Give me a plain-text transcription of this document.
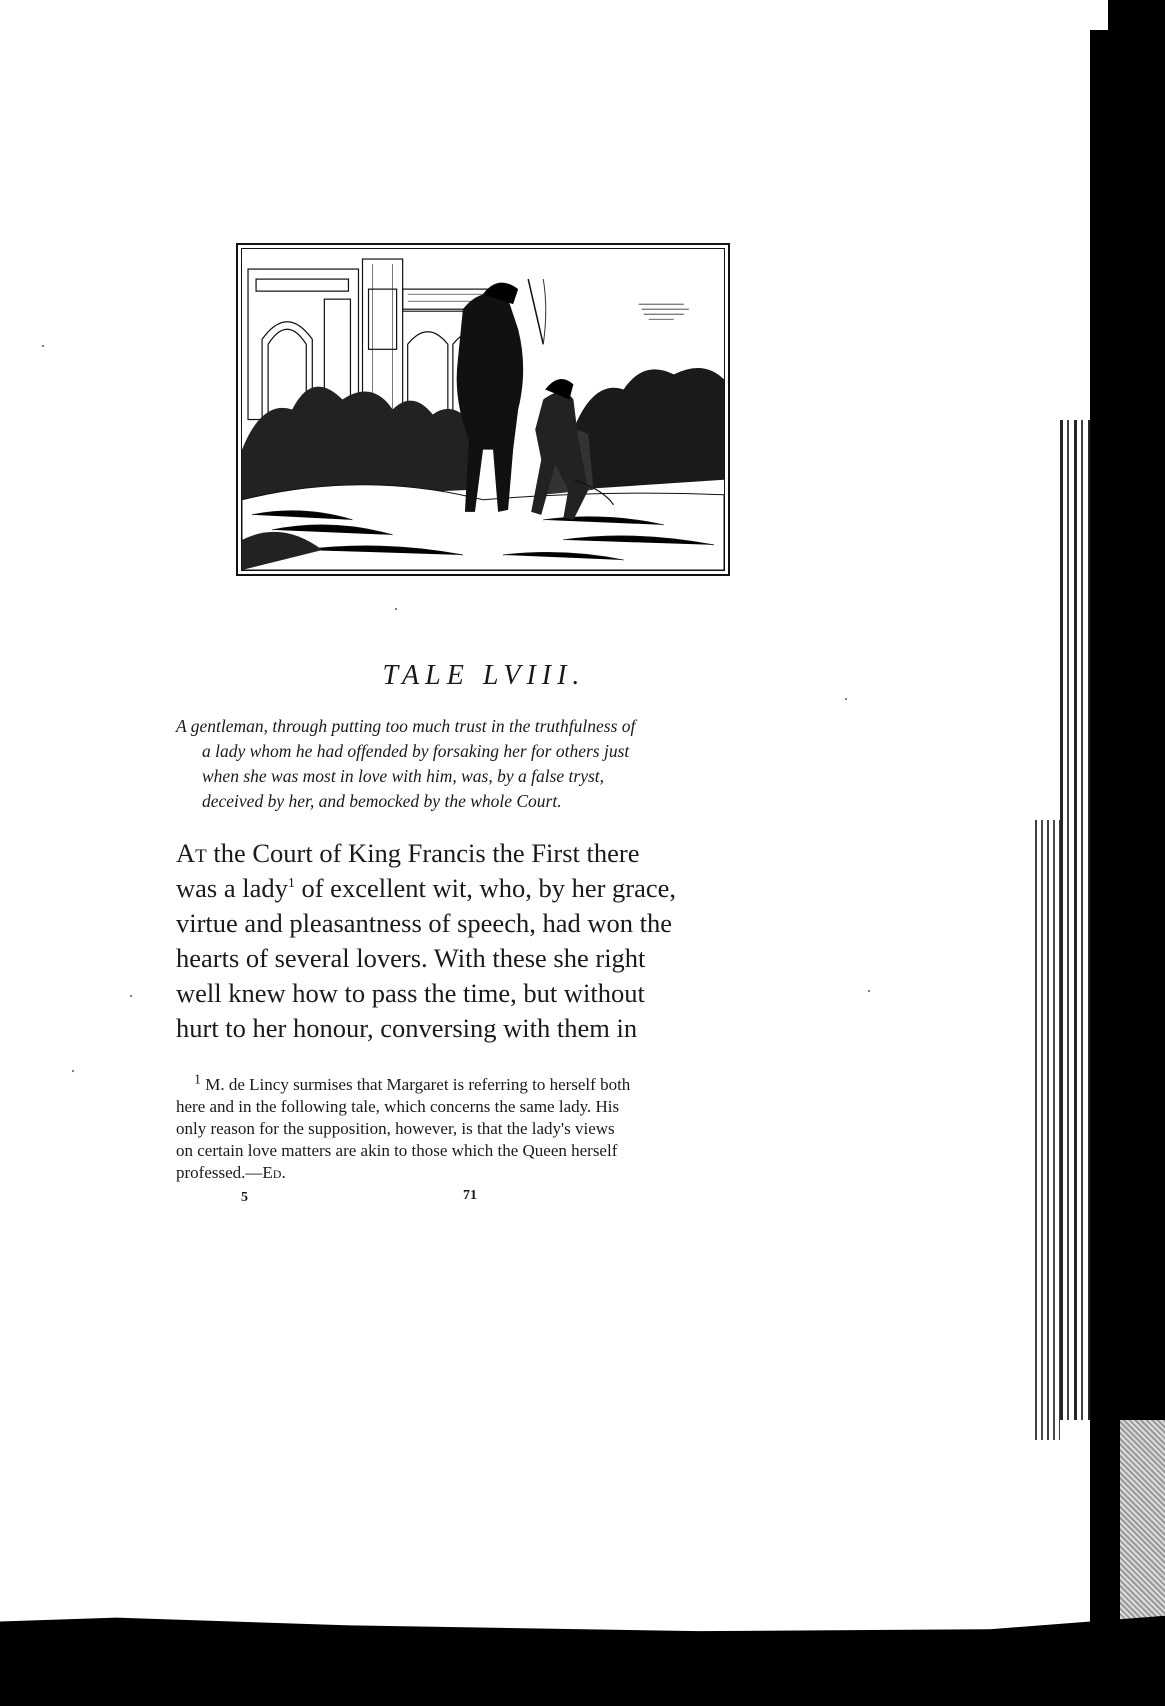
TALE LVIII.
A gentleman, through putting too much trust in the truthfulness of
a lady whom he had offended by forsaking her for others just
when she was most in love with him, was, by a false tryst,
deceived by her, and bemocked by the whole Court.
At the Court of King Francis the First there
was a lady$^1$ of excellent wit, who, by her grace,
virtue and pleasantness of speech, had won the
hearts of several lovers. With these she right
well knew how to pass the time, but without
hurt to her honour, conversing with them in
$^1$ M. de Lincy surmises that Margaret is referring to herself both
here and in the following tale, which concerns the same lady. His
only reason for the supposition, however, is that the lady's views
on certain love matters are akin to those which the Queen herself
professed.—Ed.
5	71
